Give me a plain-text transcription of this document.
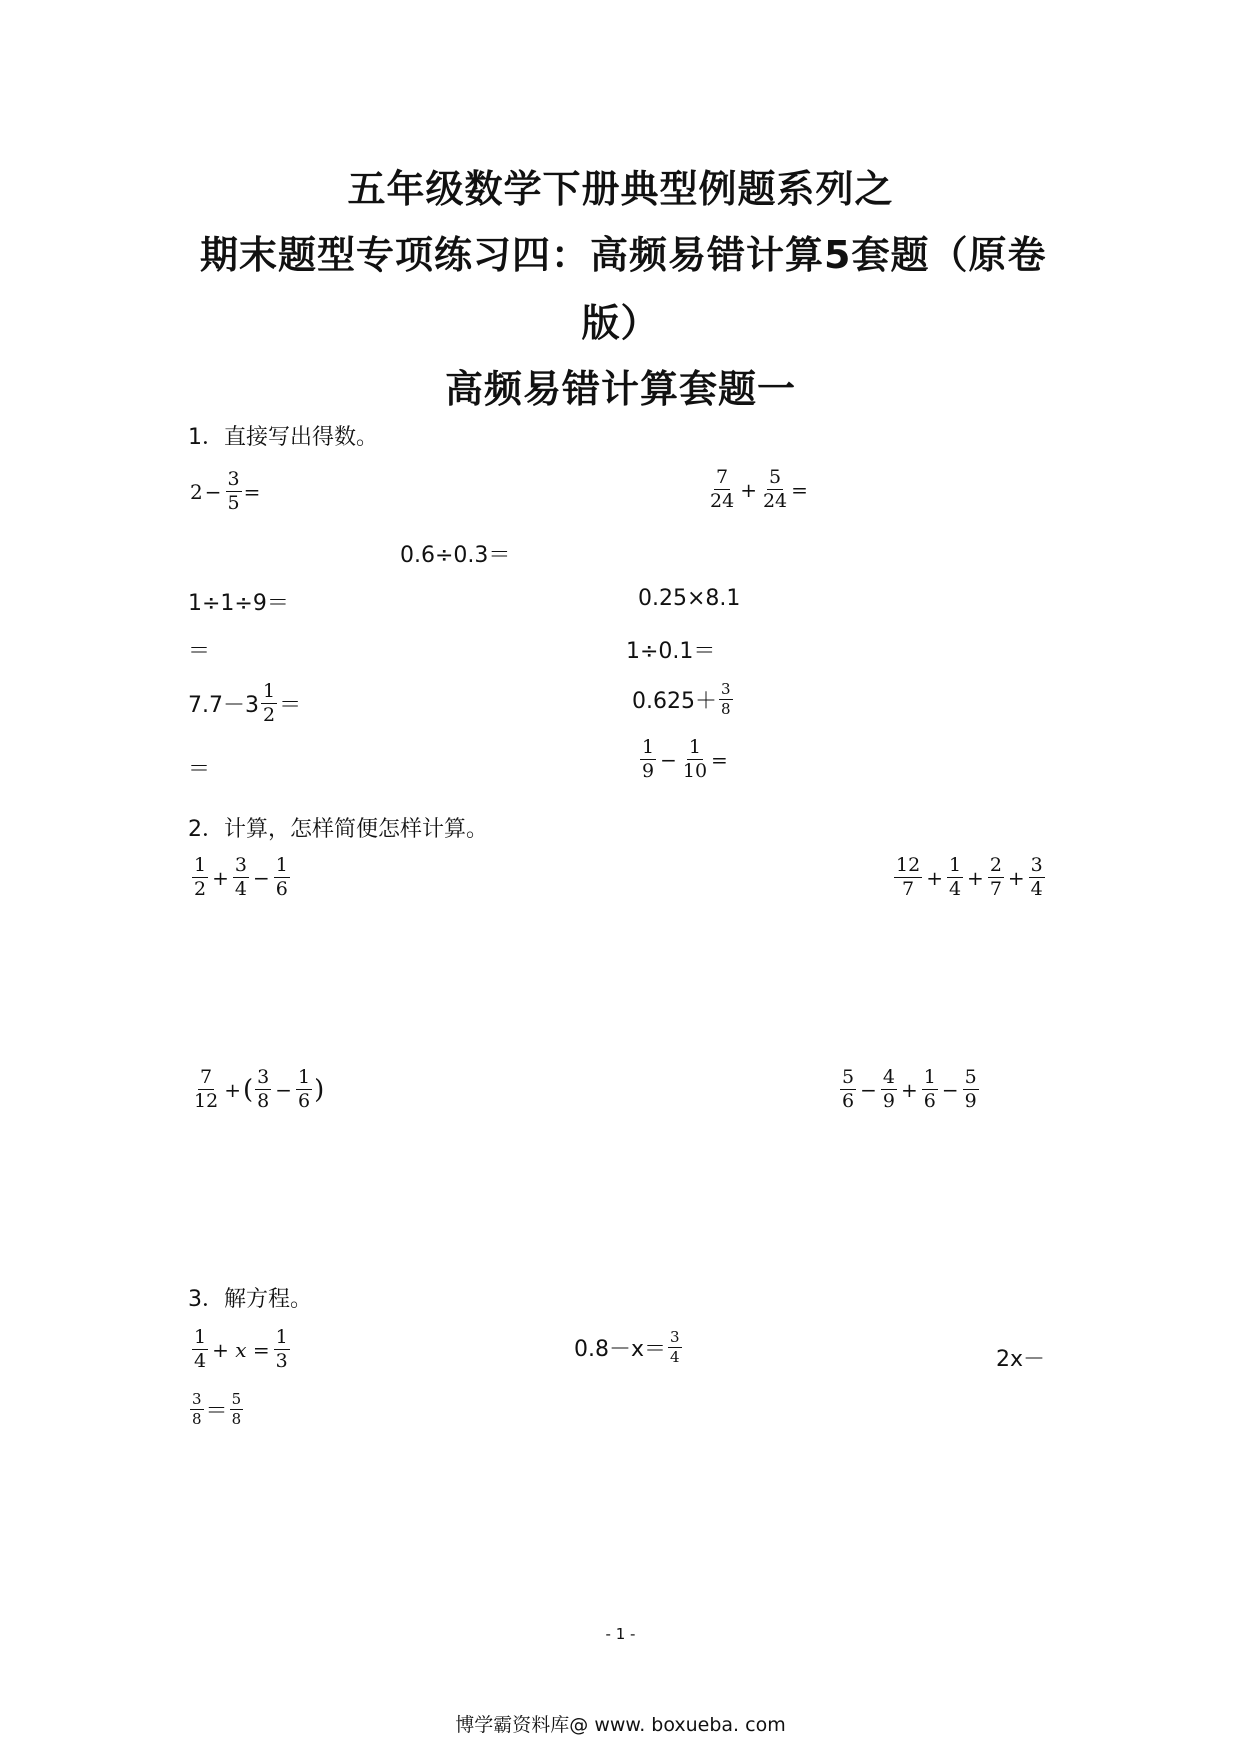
五年级数学下册典型例题系列之
期末题型专项练习四：高频易错计算5套题（原卷
版）
高频易错计算套题一
1．直接写出得数。
$2 - \frac{3}{5}$ =	$\frac{7}{24} + \frac{5}{24}$ =
0.6÷0.3＝
1÷1÷9＝	0.25×8.1
＝	1÷0.1＝
$7.7-3 \frac{1}{2}$ ＝	$0.625+ \frac{3}{8}$
＝	$\frac{1}{9} - \frac{1}{10}$ =
2．计算，怎样简便怎样计算。
$\frac{1}{2} + \frac{3}{4} - \frac{1}{6}$	$\frac{12}{7} + \frac{1}{4} + \frac{2}{7} + \frac{3}{4}$
$\frac{7}{12}$ + ( $\frac{3}{8} - \frac{1}{6}$ )	$\frac{5}{6} - \frac{4}{9} + \frac{1}{6} - \frac{5}{9}$
3．解方程。
$\frac{1}{4} + x = \frac{1}{3}$	$0.8-x= \frac{3}{4}$	2x－
$\frac{3}{8} = \frac{5}{8}$
- 1 -
博学霸资料库@ www. boxueba. com
